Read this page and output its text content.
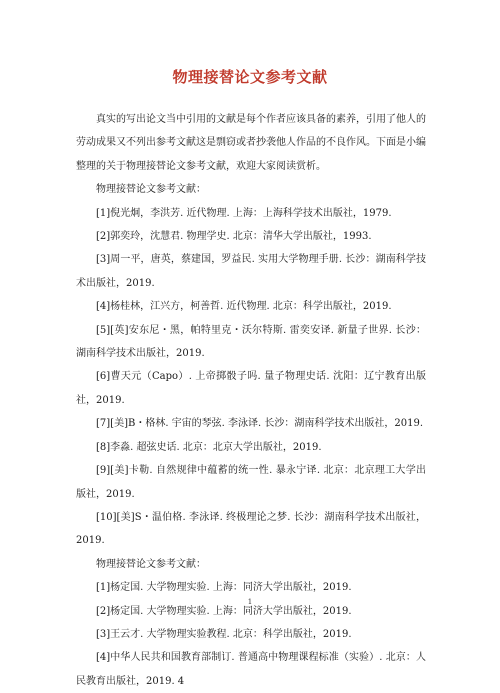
物理接替论文参考文献

真实的写出论文当中引用的文献是每个作者应该具备的素养，引用了他人的劳动成果又不列出参考文献这是剽窃或者抄袭他人作品的不良作风。下面是小编整理的关于物理接替论文参考文献，欢迎大家阅读赏析。

物理接替论文参考文献：

[1]倪光炯，李洪芳. 近代物理. 上海：上海科学技术出版社，1979.

[2]郭奕玲，沈慧君. 物理学史. 北京：清华大学出版社，1993.

[3]周一平，唐英，蔡建国，罗益民. 实用大学物理手册. 长沙：湖南科学技术出版社，2019.

[4]杨桂林，江兴方，柯善哲. 近代物理. 北京：科学出版社，2019.

[5][英]安东尼・黑，帕特里克・沃尔特斯. 雷奕安译. 新量子世界. 长沙：湖南科学技术出版社，2019.

[6]曹天元（Capo）. 上帝掷骰子吗. 量子物理史话. 沈阳：辽宁教育出版社，2019.

[7][美]B・格林. 宇宙的琴弦. 李泳译. 长沙：湖南科学技术出版社，2019.

[8]李淼. 超弦史话. 北京：北京大学出版社，2019.

[9][美]卡勒. 自然规律中蕴蓄的统一性. 暴永宁译. 北京：北京理工大学出版社，2019.

[10][美]S・温伯格. 李泳译. 终极理论之梦. 长沙：湖南科学技术出版社，2019.

物理接替论文参考文献：

[1]杨定国. 大学物理实验. 上海：同济大学出版社，2019.

[2]杨定国. 大学物理实验. 上海：同济大学出版社，2019.

[3]王云才. 大学物理实验教程. 北京：科学出版社，2019.

[4]中华人民共和国教育部制订. 普通高中物理课程标准（实验）. 北京：人民教育出版社，2019. 4

1
